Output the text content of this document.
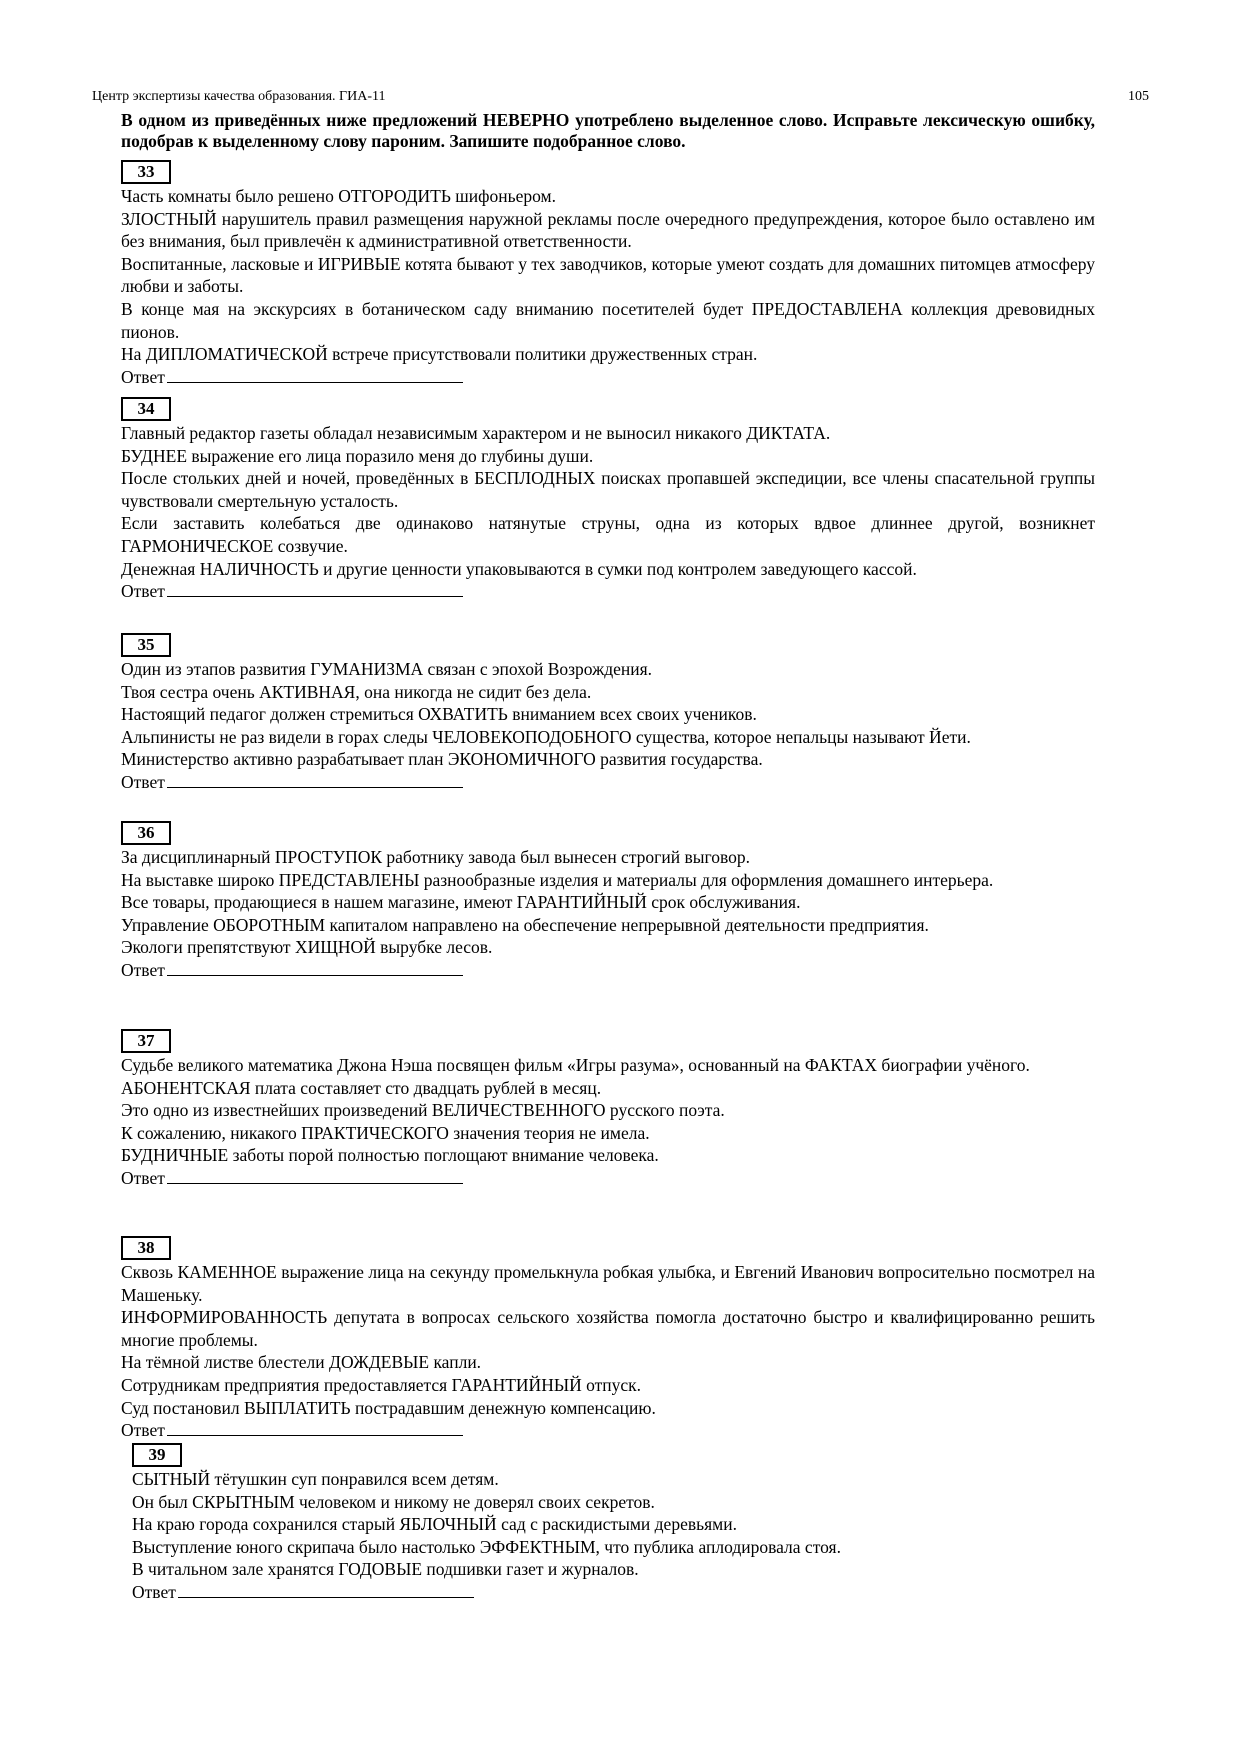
Центр экспертизы качества образования. ГИА-11	105
В одном из приведённых ниже предложений НЕВЕРНО употреблено выделенное слово. Исправьте лексическую ошибку, подобрав к выделенному слову пароним. Запишите подобранное слово.
33

Часть комнаты было решено ОТГОРОДИТЬ шифоньером.

ЗЛОСТНЫЙ нарушитель правил размещения наружной рекламы после очередного предупреждения, которое было оставлено им без внимания, был привлечён к административной ответственности.

Воспитанные, ласковые и ИГРИВЫЕ котята бывают у тех заводчиков, которые умеют создать для домашних питомцев атмосферу любви и заботы.

В конце мая на экскурсиях в ботаническом саду вниманию посетителей будет ПРЕДОСТАВЛЕНА коллекция древовидных пионов.

На ДИПЛОМАТИЧЕСКОЙ встрече присутствовали политики дружественных стран.

Ответ

34

Главный редактор газеты обладал независимым характером и не выносил никакого ДИКТАТА.

БУДНЕЕ выражение его лица поразило меня до глубины души.

После стольких дней и ночей, проведённых в БЕСПЛОДНЫХ поисках пропавшей экспедиции, все члены спасательной группы чувствовали смертельную усталость.

Если заставить колебаться две одинаково натянутые струны, одна из которых вдвое длиннее другой, возникнет ГАРМОНИЧЕСКОЕ созвучие.

Денежная НАЛИЧНОСТЬ и другие ценности упаковываются в сумки под контролем заведующего кассой.

Ответ

35

Один из этапов развития ГУМАНИЗМА связан с эпохой Возрождения.

Твоя сестра очень АКТИВНАЯ, она никогда не сидит без дела.

Настоящий педагог должен стремиться ОХВАТИТЬ вниманием всех своих учеников.

Альпинисты не раз видели в горах следы ЧЕЛОВЕКОПОДОБНОГО существа, которое непальцы называют Йети.

Министерство активно разрабатывает план ЭКОНОМИЧНОГО развития государства.

Ответ

36

За дисциплинарный ПРОСТУПОК работнику завода был вынесен строгий выговор.

На выставке широко ПРЕДСТАВЛЕНЫ разнообразные изделия и материалы для оформления домашнего интерьера.

Все товары, продающиеся в нашем магазине, имеют ГАРАНТИЙНЫЙ срок обслуживания.

Управление ОБОРОТНЫМ капиталом направлено на обеспечение непрерывной деятельности предприятия.

Экологи препятствуют ХИЩНОЙ вырубке лесов.

Ответ

37

Судьбе великого математика Джона Нэша посвящен фильм «Игры разума», основанный на ФАКТАХ биографии учёного.

АБОНЕНТСКАЯ плата составляет сто двадцать рублей в месяц.

Это одно из известнейших произведений ВЕЛИЧЕСТВЕННОГО русского поэта.

К сожалению, никакого ПРАКТИЧЕСКОГО значения теория не имела.

БУДНИЧНЫЕ заботы порой полностью поглощают внимание человека.

Ответ

38

Сквозь КАМЕННОЕ выражение лица на секунду промелькнула робкая улыбка, и Евгений Иванович вопросительно посмотрел на Машеньку.

ИНФОРМИРОВАННОСТЬ депутата в вопросах сельского хозяйства помогла достаточно быстро и квалифицированно решить многие проблемы.

На тёмной листве блестели ДОЖДЕВЫЕ капли.

Сотрудникам предприятия предоставляется ГАРАНТИЙНЫЙ отпуск.

Суд постановил ВЫПЛАТИТЬ пострадавшим денежную компенсацию.

Ответ

39

СЫТНЫЙ тётушкин суп понравился всем детям.

Он был СКРЫТНЫМ человеком и никому не доверял своих секретов.

На краю города сохранился старый ЯБЛОЧНЫЙ сад с раскидистыми деревьями.

Выступление юного скрипача было настолько ЭФФЕКТНЫМ, что публика аплодировала стоя.

В читальном зале хранятся ГОДОВЫЕ подшивки газет и журналов.

Ответ
